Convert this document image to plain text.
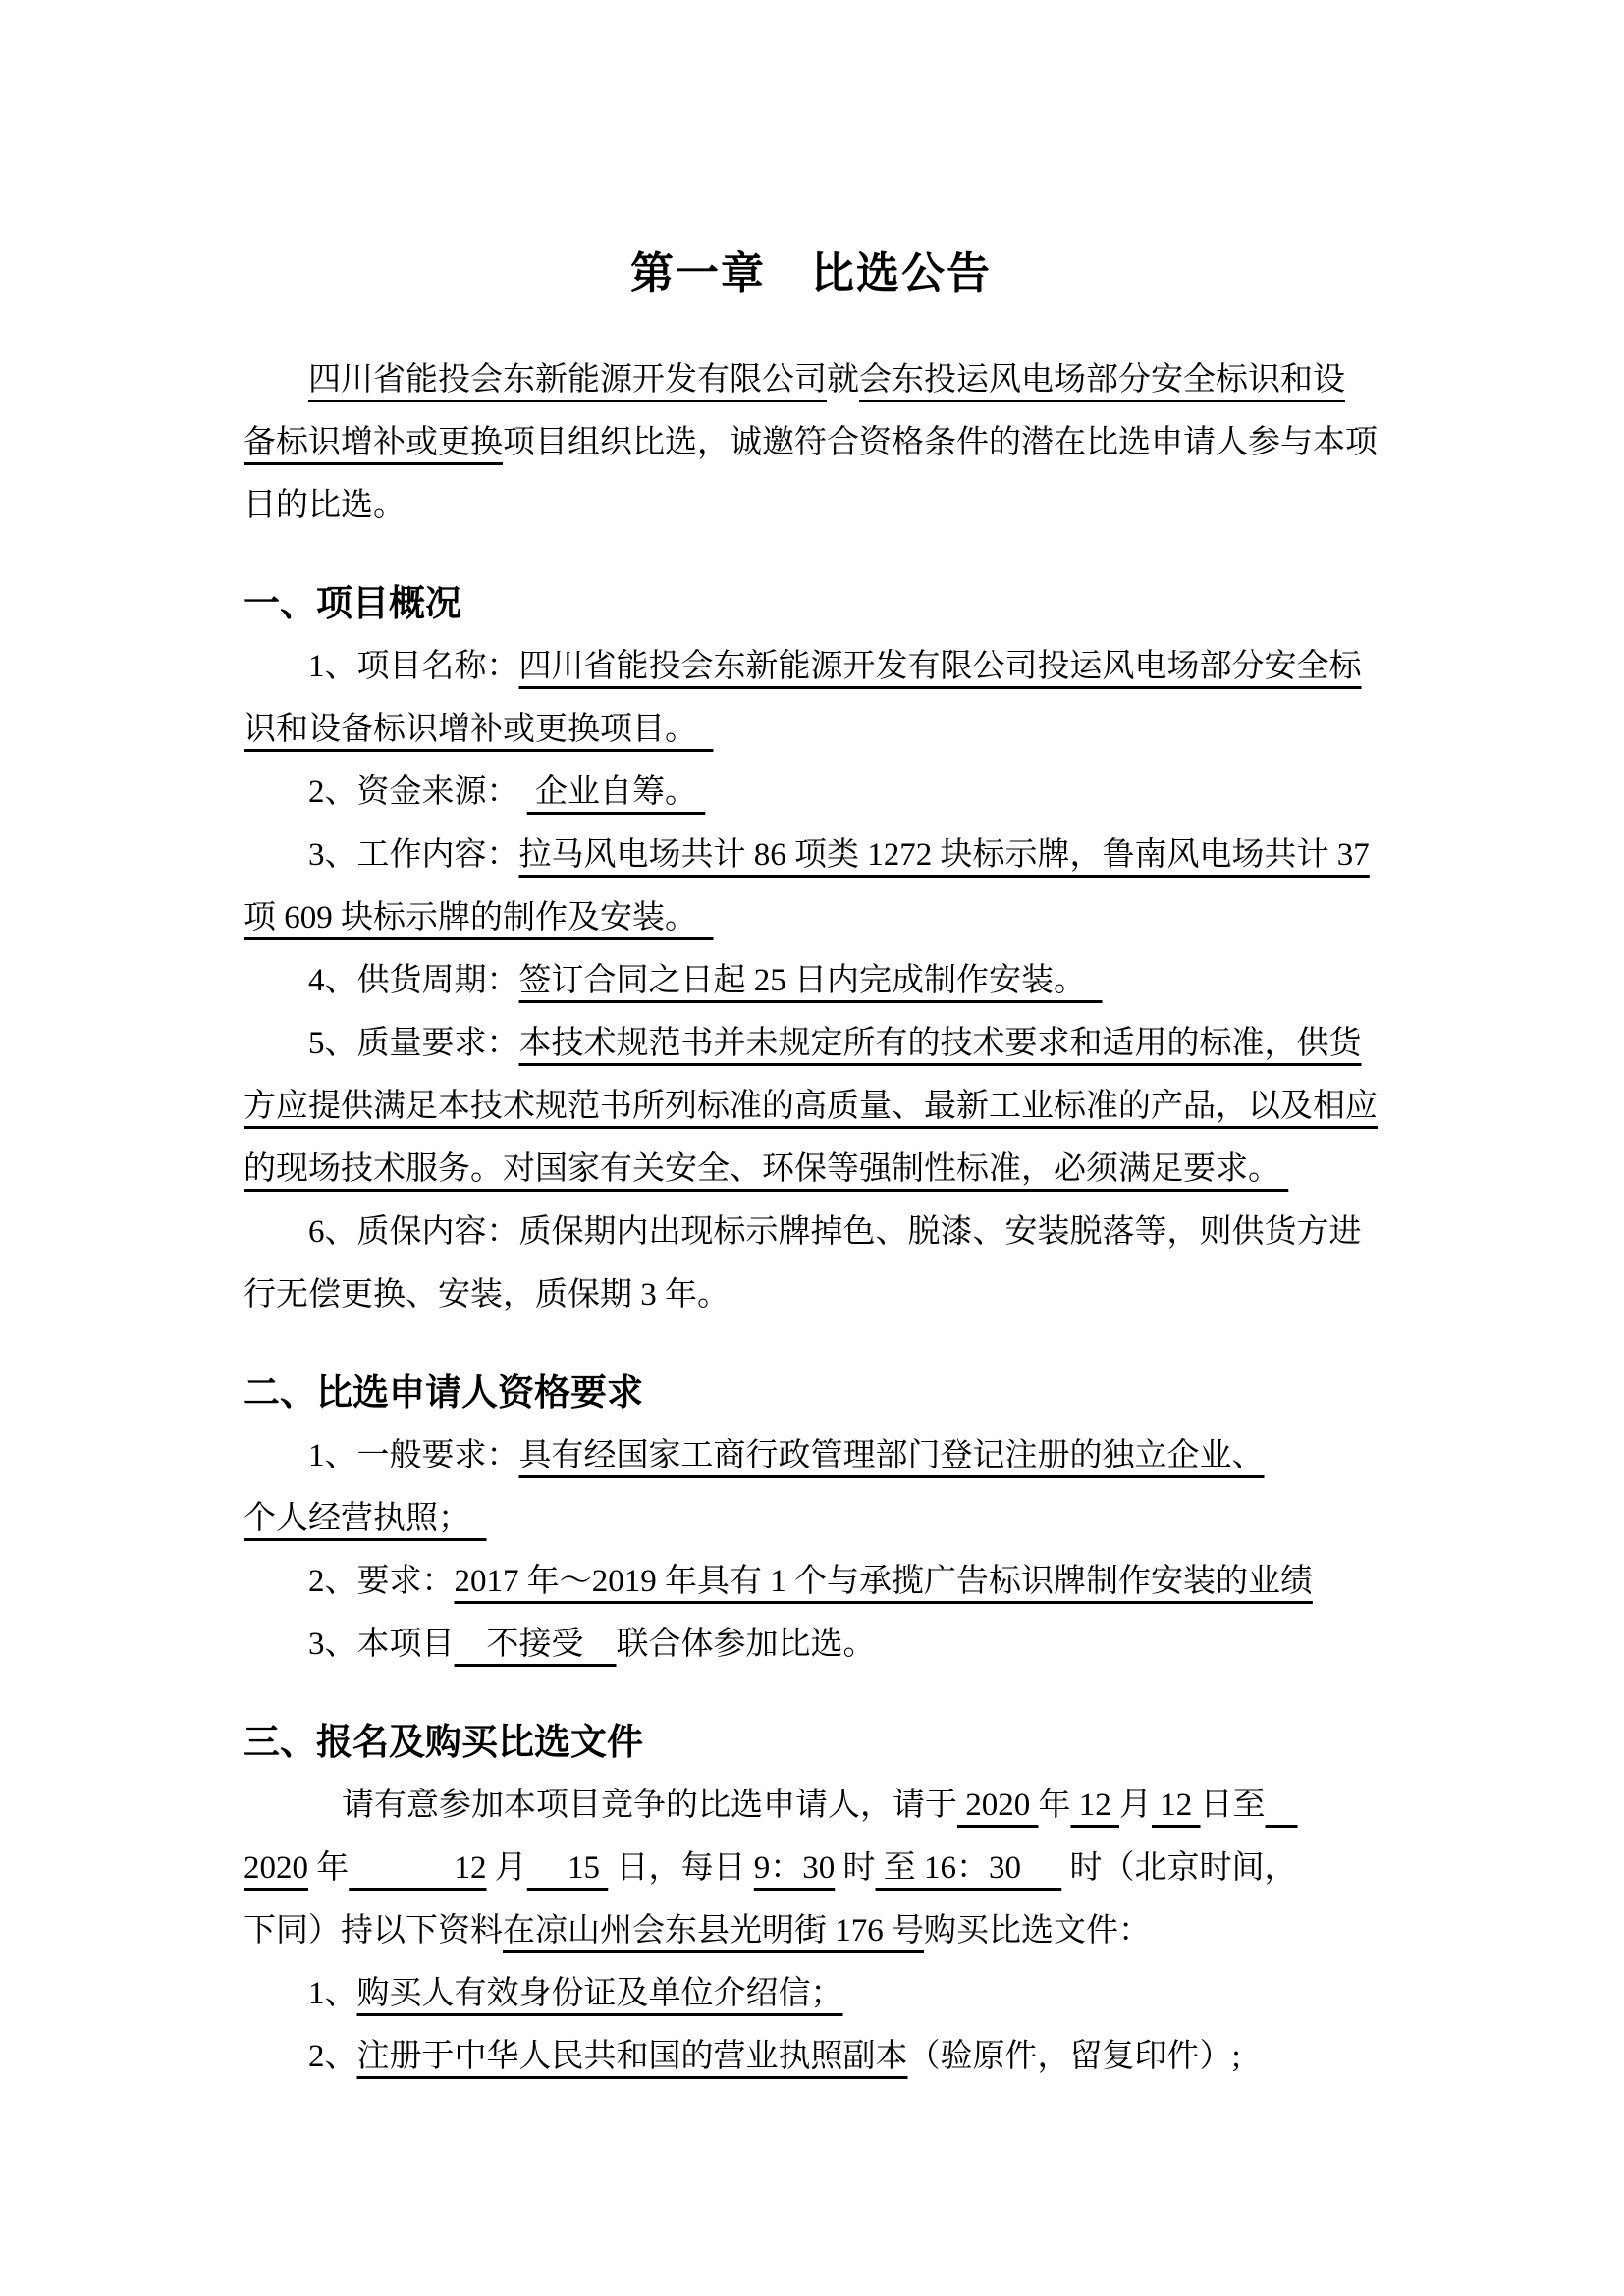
第一章　比选公告

四川省能投会东新能源开发有限公司就会东投运风电场部分安全标识和设

备标识增补或更换项目组织比选，诚邀符合资格条件的潜在比选申请人参与本项

目的比选。

一、项目概况

1、项目名称：四川省能投会东新能源开发有限公司投运风电场部分安全标

识和设备标识增补或更换项目。　

2、资金来源：  企业自筹。

3、工作内容：拉马风电场共计 86 项类 1272 块标示牌，鲁南风电场共计 37

项 609 块标示牌的制作及安装。　

4、供货周期：签订合同之日起 25 日内完成制作安装。　

5、质量要求：本技术规范书并未规定所有的技术要求和适用的标准，供货

方应提供满足本技术规范书所列标准的高质量、最新工业标准的产品，以及相应

的现场技术服务。对国家有关安全、环保等强制性标准，必须满足要求。

6、质保内容：质保期内出现标示牌掉色、脱漆、安装脱落等，则供货方进

行无偿更换、安装，质保期 3 年。

二、比选申请人资格要求

1、一般要求：具有经国家工商行政管理部门登记注册的独立企业、

个人经营执照；　

2、要求：2017 年～2019 年具有 1 个与承揽广告标识牌制作安装的业绩

3、本项目　不接受　联合体参加比选。

三、报名及购买比选文件

请有意参加本项目竞争的比选申请人，请于 2020 年 12 月 12 日至　

2020 年　　　 12 月　 15  日，每日 9：30 时 至 16：30　  时（北京时间，

下同）持以下资料在凉山州会东县光明街 176 号购买比选文件：

1、购买人有效身份证及单位介绍信；

2、注册于中华人民共和国的营业执照副本（验原件，留复印件）;
